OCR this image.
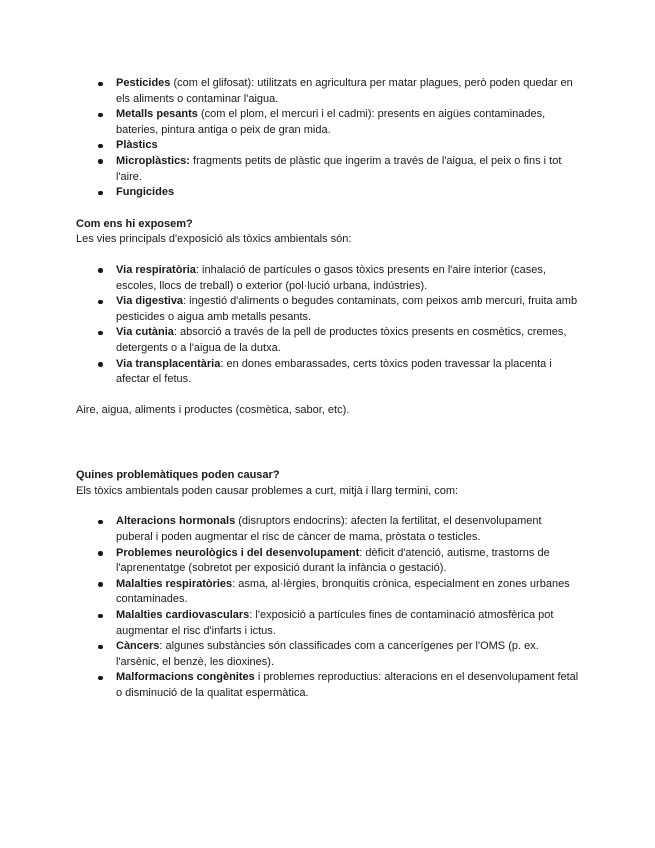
Pesticides (com el glifosat): utilitzats en agricultura per matar plagues, però poden quedar en els aliments o contaminar l'aigua.
Metalls pesants (com el plom, el mercuri i el cadmi): presents en aigües contaminades, bateries, pintura antiga o peix de gran mida.
Plàstics
Microplàstics: fragments petits de plàstic que ingerim a través de l'aigua, el peix o fins i tot l'aire.
Fungicides
Com ens hi exposem?

Les vies principals d'exposició als tòxics ambientals són:

Via respiratòria: inhalació de partícules o gasos tòxics presents en l'aire interior (cases, escoles, llocs de treball) o exterior (pol·lució urbana, indústries).
Via digestiva: ingestió d'aliments o begudes contaminats, com peixos amb mercuri, fruita amb pesticides o aigua amb metalls pesants.
Via cutània: absorció a través de la pell de productes tòxics presents en cosmètics, cremes, detergents o a l'aigua de la dutxa.
Via transplacentària: en dones embarassades, certs tòxics poden travessar la placenta i afectar el fetus.

Aire, aigua, aliments i productes (cosmètica, sabor, etc).

Quines problemàtiques poden causar?

Els tòxics ambientals poden causar problemes a curt, mitjà i llarg termini, com:

Alteracions hormonals (disruptors endocrins): afecten la fertilitat, el desenvolupament puberal i poden augmentar el risc de càncer de mama, pròstata o testicles.
Problemes neurològics i del desenvolupament: dèficit d'atenció, autisme, trastorns de l'aprenentatge (sobretot per exposició durant la infància o gestació).
Malalties respiratòries: asma, al·lèrgies, bronquitis crònica, especialment en zones urbanes contaminades.
Malalties cardiovasculars: l'exposició a partícules fines de contaminació atmosfèrica pot augmentar el risc d'infarts i ictus.
Càncers: algunes substàncies són classificades com a cancerígenes per l'OMS (p. ex. l'arsènic, el benzè, les dioxines).
Malformacions congènites i problemes reproductius: alteracions en el desenvolupament fetal o disminució de la qualitat espermàtica.
